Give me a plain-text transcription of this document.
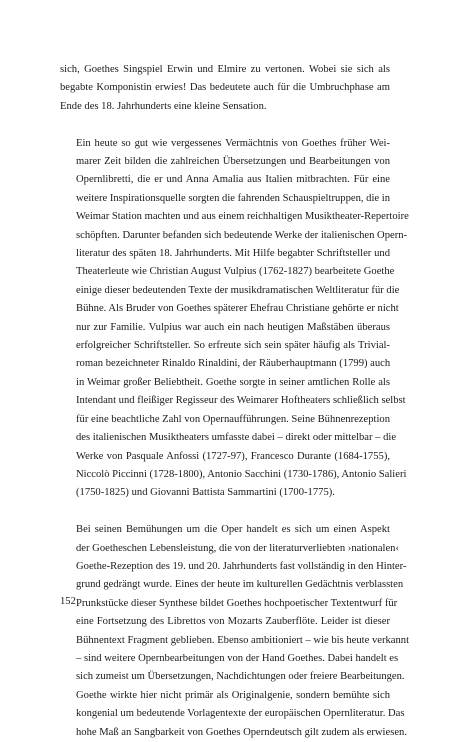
sich, Goethes Singspiel Erwin und Elmire zu vertonen. Wobei sie sich als
begabte Komponistin erwies! Das bedeutete auch für die Umbruchphase am
Ende des 18. Jahrhunderts eine kleine Sensation.

Ein heute so gut wie vergessenes Vermächtnis von Goethes früher Wei-
marer Zeit bilden die zahlreichen Übersetzungen und Bearbeitungen von
Opernlibretti, die er und Anna Amalia aus Italien mitbrachten. Für eine
weitere Inspirationsquelle sorgten die fahrenden Schauspieltruppen, die in
Weimar Station machten und aus einem reichhaltigen Musiktheater-Repertoire
schöpften. Darunter befanden sich bedeutende Werke der italienischen Opern-
literatur des späten 18. Jahrhunderts. Mit Hilfe begabter Schriftsteller und
Theaterleute wie Christian August Vulpius (1762-1827) bearbeitete Goethe
einige dieser bedeutenden Texte der musikdramatischen Weltliteratur für die
Bühne. Als Bruder von Goethes späterer Ehefrau Christiane gehörte er nicht
nur zur Familie. Vulpius war auch ein nach heutigen Maßstäben überaus
erfolgreicher Schriftsteller. So erfreute sich sein später häufig als Trivial-
roman bezeichneter Rinaldo Rinaldini, der Räuberhauptmann (1799) auch
in Weimar großer Beliebtheit. Goethe sorgte in seiner amtlichen Rolle als
Intendant und fleißiger Regisseur des Weimarer Hoftheaters schließlich selbst
für eine beachtliche Zahl von Opernaufführungen. Seine Bühnenrezeption
des italienischen Musiktheaters umfasste dabei – direkt oder mittelbar – die
Werke von Pasquale Anfossi (1727-97), Francesco Durante (1684-1755),
Niccolò Piccinni (1728-1800), Antonio Sacchini (1730-1786), Antonio Salieri
(1750-1825) und Giovanni Battista Sammartini (1700-1775).

Bei seinen Bemühungen um die Oper handelt es sich um einen Aspekt
der Goetheschen Lebensleistung, die von der literaturverliebten ›nationalen‹
Goethe-Rezeption des 19. und 20. Jahrhunderts fast vollständig in den Hinter-
grund gedrängt wurde. Eines der heute im kulturellen Gedächtnis verblassten
Prunkstücke dieser Synthese bildet Goethes hochpoetischer Textentwurf für
eine Fortsetzung des Librettos von Mozarts Zauberflöte. Leider ist dieser
Bühnentext Fragment geblieben. Ebenso ambitioniert – wie bis heute verkannt
– sind weitere Opernbearbeitungen von der Hand Goethes. Dabei handelt es
sich zumeist um Übersetzungen, Nachdichtungen oder freiere Bearbeitungen.
Goethe wirkte hier nicht primär als Originalgenie, sondern bemühte sich
kongenial um bedeutende Vorlagentexte der europäischen Opernliteratur. Das
hohe Maß an Sangbarkeit von Goethes Operndeutsch gilt zudem als erwiesen.

152
